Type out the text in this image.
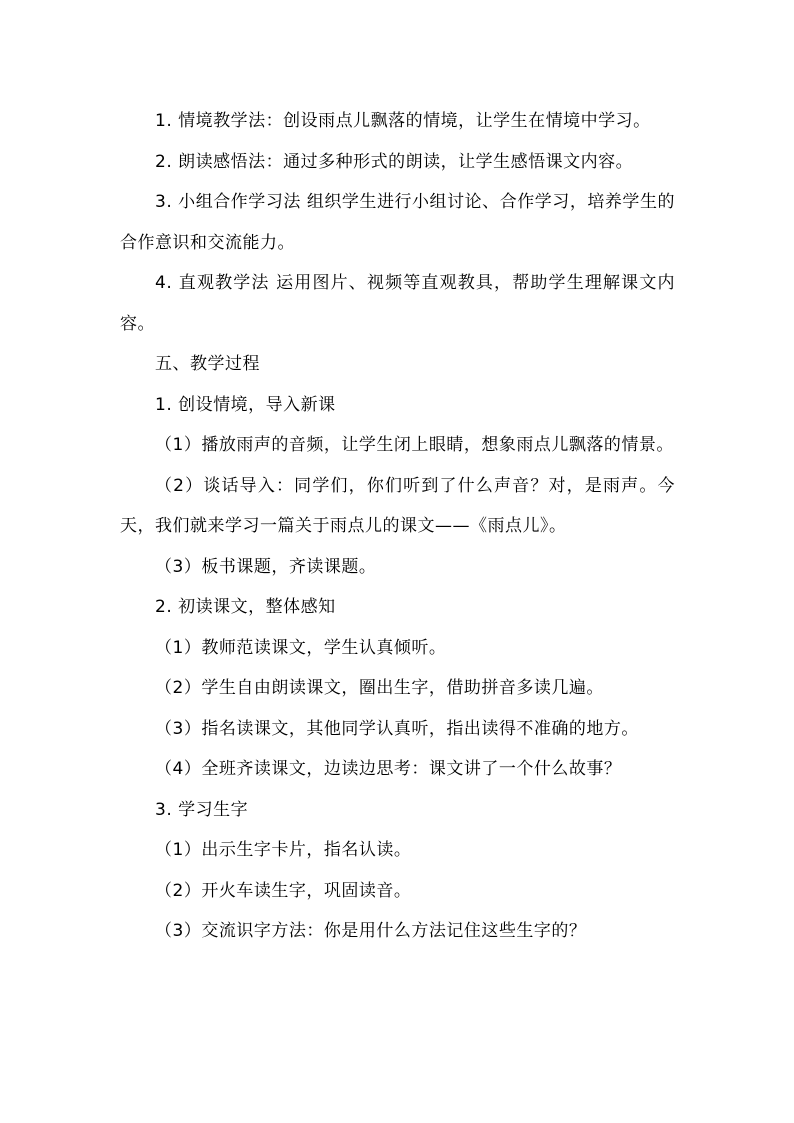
1. 情境教学法：创设雨点儿飘落的情境，让学生在情境中学习。

2. 朗读感悟法：通过多种形式的朗读，让学生感悟课文内容。

3. 小组合作学习法 组织学生进行小组讨论、合作学习，培养学生的合作意识和交流能力。

4. 直观教学法 运用图片、视频等直观教具，帮助学生理解课文内容。

五、教学过程

1. 创设情境，导入新课

（1）播放雨声的音频，让学生闭上眼睛，想象雨点儿飘落的情景。

（2）谈话导入：同学们，你们听到了什么声音？对，是雨声。今天，我们就来学习一篇关于雨点儿的课文——《雨点儿》。

（3）板书课题，齐读课题。

2. 初读课文，整体感知

（1）教师范读课文，学生认真倾听。

（2）学生自由朗读课文，圈出生字，借助拼音多读几遍。

（3）指名读课文，其他同学认真听，指出读得不准确的地方。

（4）全班齐读课文，边读边思考：课文讲了一个什么故事？

3. 学习生字

（1）出示生字卡片，指名认读。

（2）开火车读生字，巩固读音。

（3）交流识字方法：你是用什么方法记住这些生字的？
